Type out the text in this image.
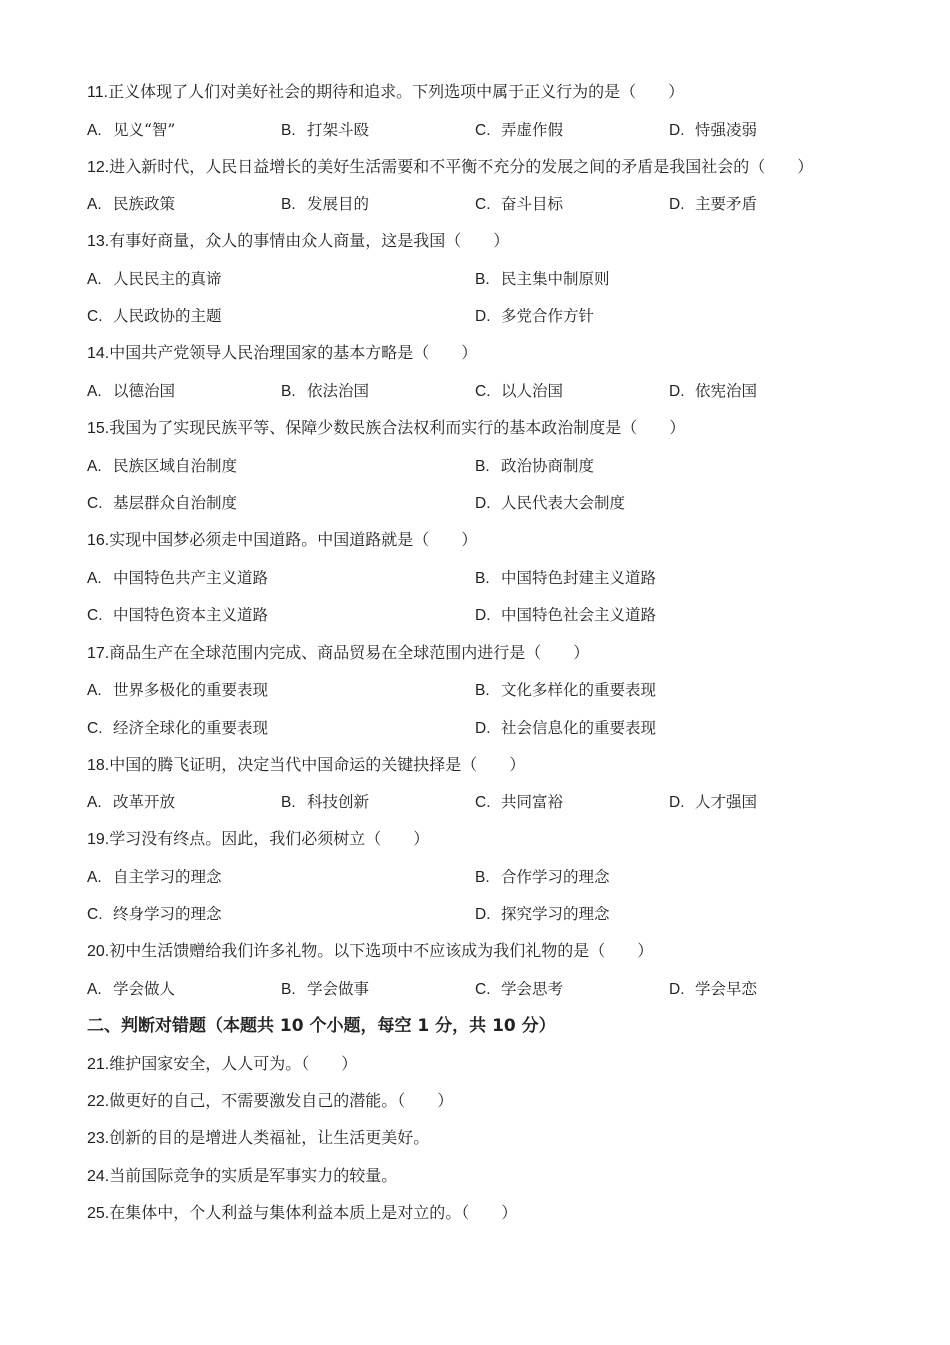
11.正义体现了人们对美好社会的期待和追求。下列选项中属于正义行为的是（　　）
A. 见义“智”	B. 打架斗殴	C. 弄虚作假	D. 恃强凌弱
12.进入新时代，人民日益增长的美好生活需要和不平衡不充分的发展之间的矛盾是我国社会的（　　）
A. 民族政策	B. 发展目的	C. 奋斗目标	D. 主要矛盾
13.有事好商量，众人的事情由众人商量，这是我国（　　）
A. 人民民主的真谛	B. 民主集中制原则
C. 人民政协的主题	D. 多党合作方针
14.中国共产党领导人民治理国家的基本方略是（　　）
A. 以德治国	B. 依法治国	C. 以人治国	D. 依宪治国
15.我国为了实现民族平等、保障少数民族合法权利而实行的基本政治制度是（　　）
A. 民族区域自治制度	B. 政治协商制度
C. 基层群众自治制度	D. 人民代表大会制度
16.实现中国梦必须走中国道路。中国道路就是（　　）
A. 中国特色共产主义道路	B. 中国特色封建主义道路
C. 中国特色资本主义道路	D. 中国特色社会主义道路
17.商品生产在全球范围内完成、商品贸易在全球范围内进行是（　　）
A. 世界多极化的重要表现	B. 文化多样化的重要表现
C. 经济全球化的重要表现	D. 社会信息化的重要表现
18.中国的腾飞证明，决定当代中国命运的关键抉择是（　　）
A. 改革开放	B. 科技创新	C. 共同富裕	D. 人才强国
19.学习没有终点。因此，我们必须树立（　　）
A. 自主学习的理念	B. 合作学习的理念
C. 终身学习的理念	D. 探究学习的理念
20.初中生活馈赠给我们许多礼物。以下选项中不应该成为我们礼物的是（　　）
A. 学会做人	B. 学会做事	C. 学会思考	D. 学会早恋
二、判断对错题（本题共 10 个小题，每空 1 分，共 10 分）
21.维护国家安全，人人可为。（　　）
22.做更好的自己，不需要激发自己的潜能。（　　）
23.创新的目的是增进人类福祉，让生活更美好。
24.当前国际竞争的实质是军事实力的较量。
25.在集体中，个人利益与集体利益本质上是对立的。（　　）
